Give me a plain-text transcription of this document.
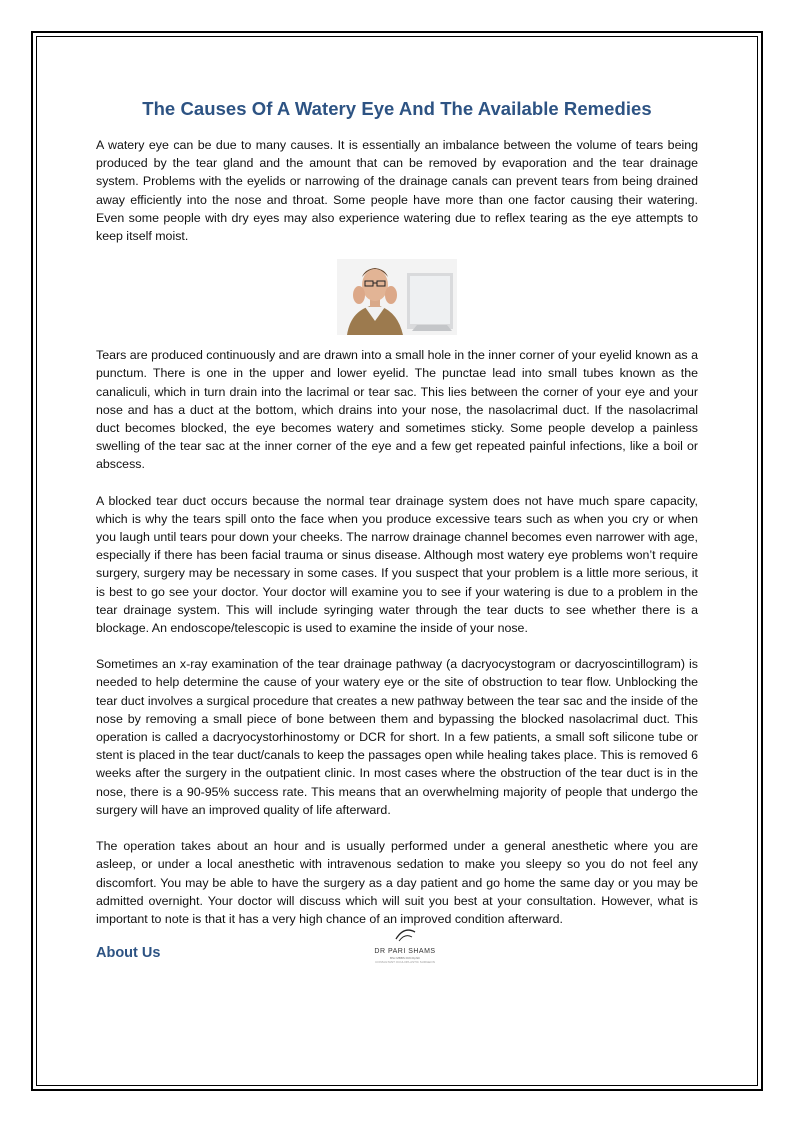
The Causes Of A Watery Eye And The Available Remedies

A watery eye can be due to many causes. It is essentially an imbalance between the volume of tears being produced by the tear gland and the amount that can be removed by evaporation and the tear drainage system. Problems with the eyelids or narrowing of the drainage canals can prevent tears from being drained away efficiently into the nose and throat. Some people have more than one factor causing their watering. Even some people with dry eyes may also experience watering due to reflex tearing as the eye attempts to keep itself moist.

Tears are produced continuously and are drawn into a small hole in the inner corner of your eyelid known as a punctum. There is one in the upper and lower eyelid. The punctae lead into small tubes known as the canaliculi, which in turn drain into the lacrimal or tear sac. This lies between the corner of your eye and your nose and has a duct at the bottom, which drains into your nose, the nasolacrimal duct. If the nasolacrimal duct becomes blocked, the eye becomes watery and sometimes sticky. Some people develop a painless swelling of the tear sac at the inner corner of the eye and a few get repeated painful infections, like a boil or abscess.

A blocked tear duct occurs because the normal tear drainage system does not have much spare capacity, which is why the tears spill onto the face when you produce excessive tears such as when you cry or when you laugh until tears pour down your cheeks. The narrow drainage channel becomes even narrower with age, especially if there has been facial trauma or sinus disease. Although most watery eye problems won’t require surgery, surgery may be necessary in some cases. If you suspect that your problem is a little more serious, it is best to go see your doctor. Your doctor will examine you to see if your watering is due to a problem in the tear drainage system. This will include syringing water through the tear ducts to see whether there is a blockage. An endoscope/telescopic is used to examine the inside of your nose.

Sometimes an x-ray examination of the tear drainage pathway (a dacryocystogram or dacryoscintillogram) is needed to help determine the cause of your watery eye or the site of obstruction to tear flow. Unblocking the tear duct involves a surgical procedure that creates a new pathway between the tear sac and the inside of the nose by removing a small piece of bone between them and bypassing the blocked nasolacrimal duct. This operation is called a dacryocystorhinostomy or DCR for short. In a few patients, a small soft silicone tube or stent is placed in the tear duct/canals to keep the passages open while healing takes place. This is removed 6 weeks after the surgery in the outpatient clinic. In most cases where the obstruction of the tear duct is in the nose, there is a 90-95% success rate. This means that an overwhelming majority of people that undergo the surgery will have an improved quality of life afterward.

The operation takes about an hour and is usually performed under a general anesthetic where you are asleep, or under a local anesthetic with intravenous sedation to make you sleepy so you do not feel any discomfort. You may be able to have the surgery as a day patient and go home the same day or you may be admitted overnight. Your doctor will discuss which will suit you best at your consultation. However, what is important to note is that it has a very high chance of an improved condition afterward.

About Us	DR PARI SHAMS
BSc MBBS FRCOphth
CONSULTANT OCULOPLASTIC SURGEON
